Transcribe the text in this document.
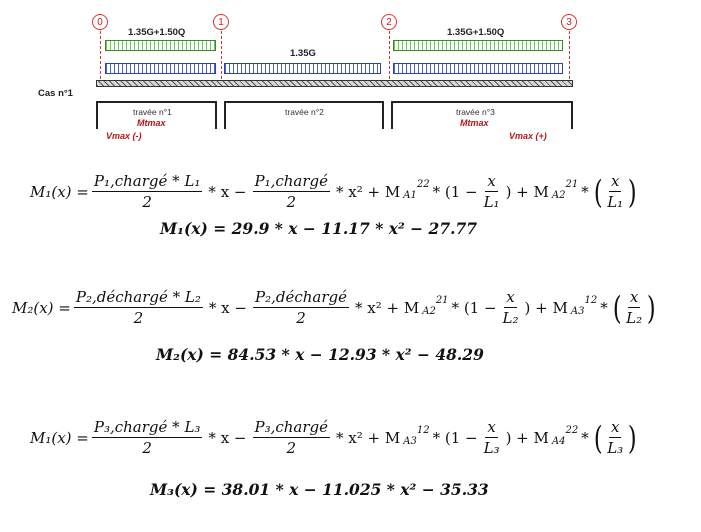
0	1	2	3
1.35G+1.50Q
1.35G
1.35G+1.50Q
Cas n°1
travée n°1
Mtmax
Vmax (-)
travée n°2	travée n°3
Mtmax
Vmax (+)
$M_1(x) = \frac{\text{P₁,chargé * L₁}}{2} * x - \frac{\text{P₁,chargé}}{2} * x^2 + M$ A1
$22 * (1 - \frac{x}{\text{L₁}}$ ) + M A2
21 * ( $\frac{x}{\text{L₁}}$ )
M₁(x) = 29.9 * x − 11.17 * x² − 27.77
$M_2(x) = \frac{\text{P₂,déchargé * L₂}}{2} * x - \frac{\text{P₂,déchargé}}{2} * x^2 + M$ A2
$21 * (1 - \frac{x}{\text{L₂}}$ ) + M A3
12 * ( $\frac{x}{\text{L₂}}$ )
M₂(x) = 84.53 * x − 12.93 * x² − 48.29
$M_1(x) = \frac{\text{P₃,chargé * L₃}}{2} * x - \frac{\text{P₃,chargé}}{2} * x^2 + M$ A3
$12 * (1 - \frac{x}{\text{L₃}}$ ) + M A4
22 * ( $\frac{x}{\text{L₃}}$ )
M₃(x) = 38.01 * x − 11.025 * x² − 35.33
